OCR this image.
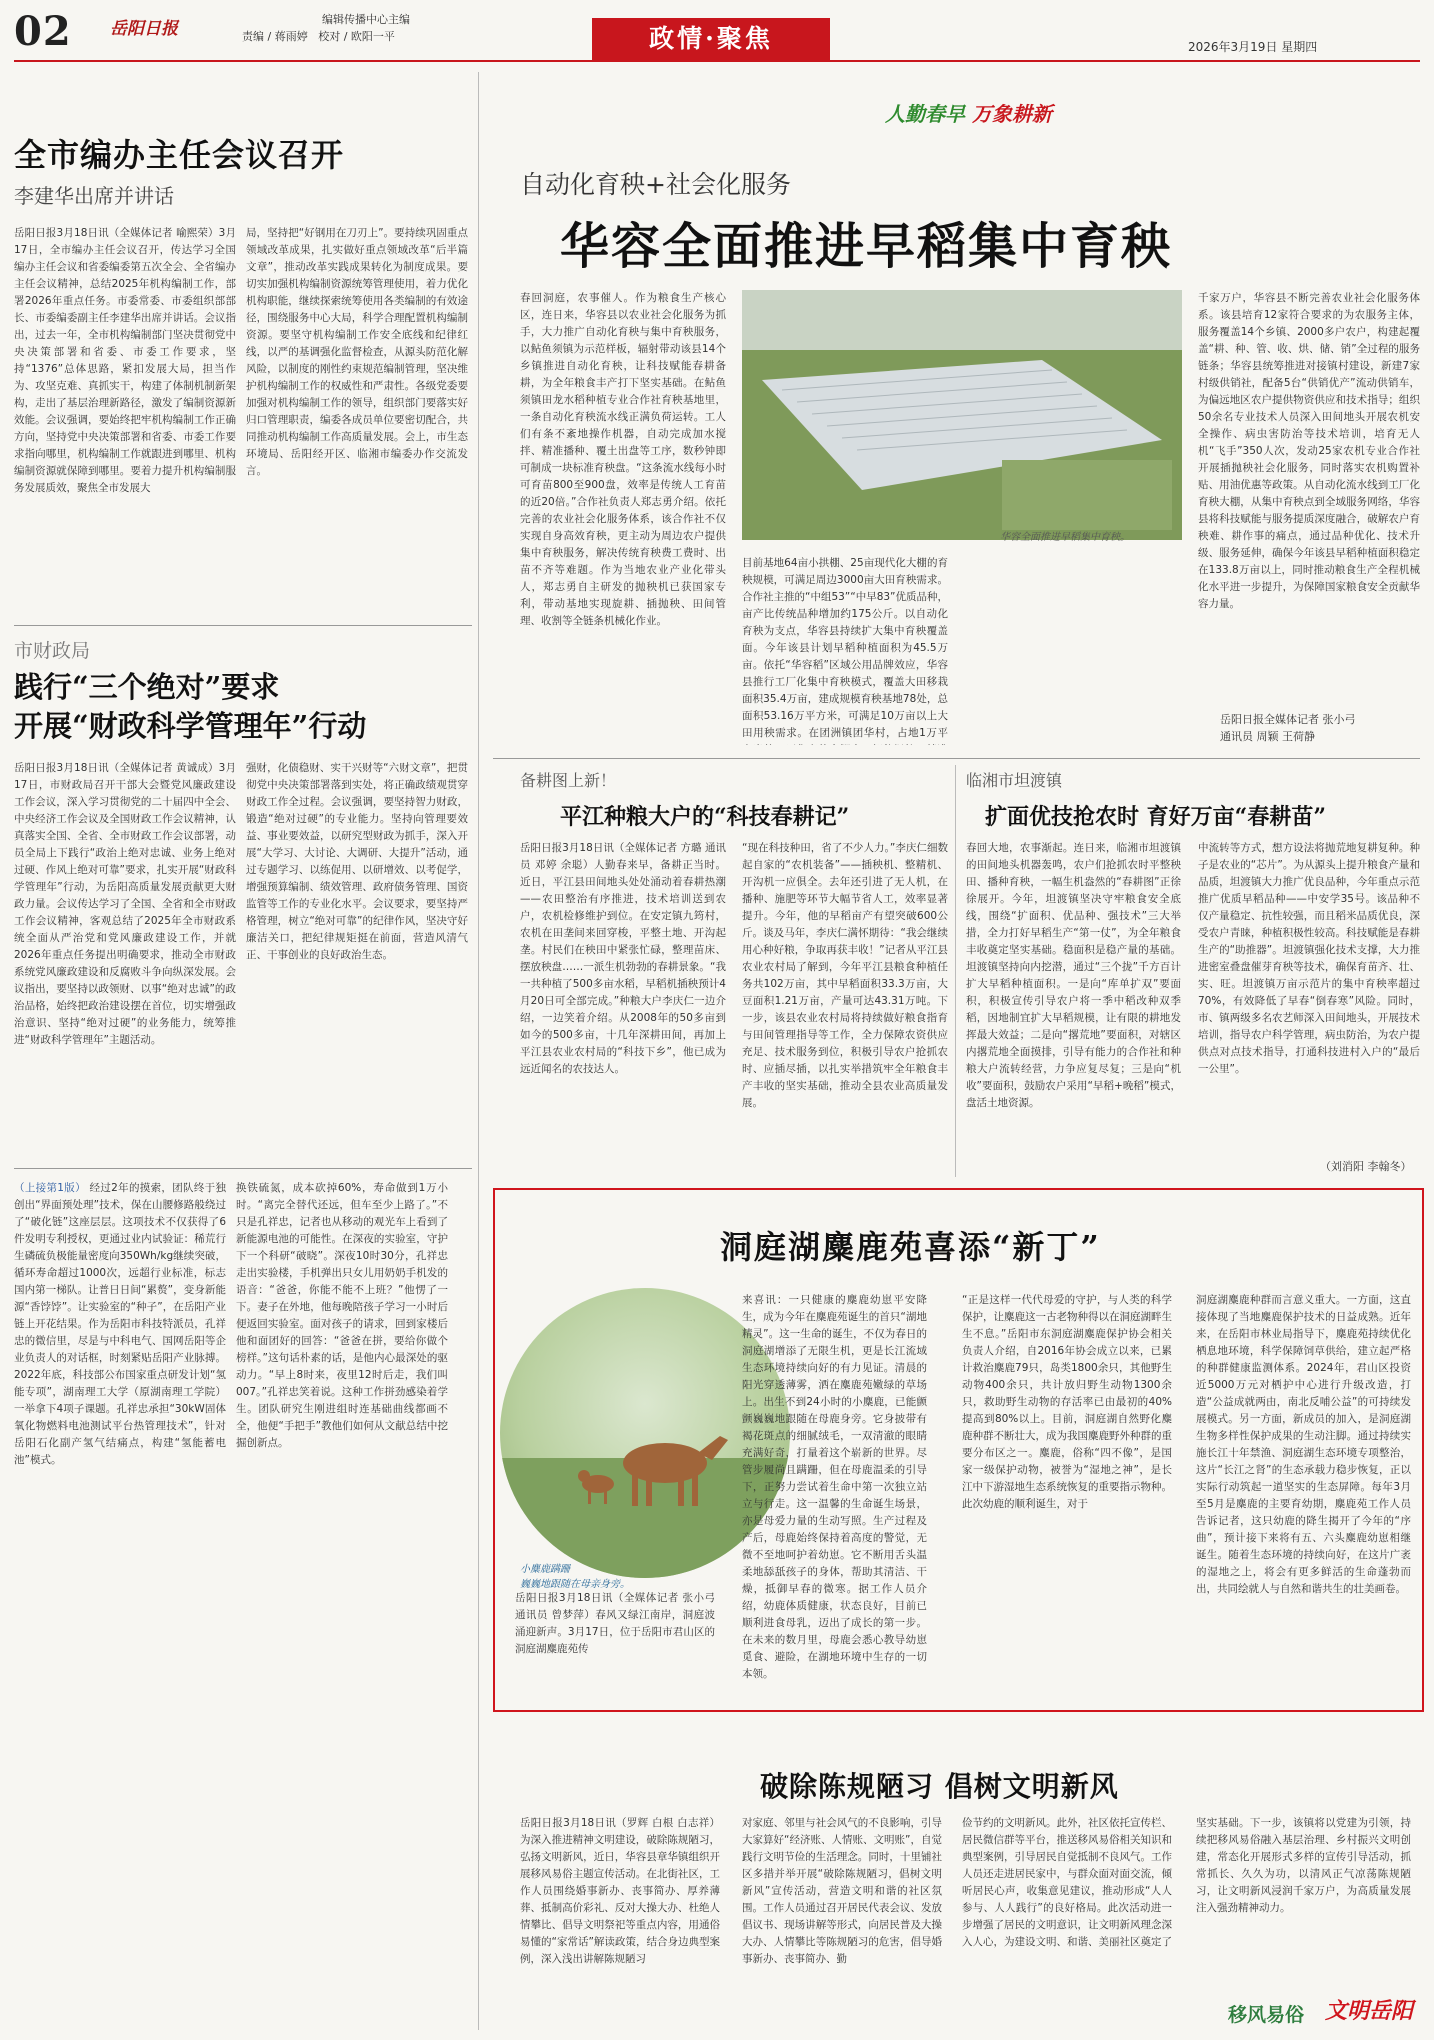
02 岳阳日报	编辑传播中心主编
责编 / 蒋雨婷 校对 / 欧阳一平	政情·聚焦	2026年3月19日 星期四
全市编办主任会议召开
李建华出席并讲话
岳阳日报3月18日讯（全媒体记者 喻熙荣）3月17日，全市编办主任会议召开，传达学习全国编办主任会议和省委编委第五次全会、全省编办主任会议精神，总结2025年机构编制工作，部署2026年重点任务。市委常委、市委组织部部长、市委编委副主任李建华出席并讲话。会议指出，过去一年，全市机构编制部门坚决贯彻党中央决策部署和省委、市委工作要求，坚持“1376”总体思路，紧扣发展大局，担当作为、攻坚克难、真抓实干，构建了体制机制新架构，走出了基层治理新路径，激发了编制资源新效能。会议强调，要始终把牢机构编制工作正确方向，坚持党中央决策部署和省委、市委工作要求指向哪里，机构编制工作就跟进到哪里、机构编制资源就保障到哪里。要着力提升机构编制服务发展质效，聚焦全市发展大
局，坚持把“好钢用在刀刃上”。要持续巩固重点领域改革成果，扎实做好重点领域改革“后半篇文章”，推动改革实践成果转化为制度成果。要切实加强机构编制资源统筹管理使用，着力优化机构职能，继续探索统筹使用各类编制的有效途径，围绕服务中心大局，科学合理配置机构编制资源。要坚守机构编制工作安全底线和纪律红线，以严的基调强化监督检查，从源头防范化解风险，以制度的刚性约束规范编制管理，坚决维护机构编制工作的权威性和严肃性。各级党委要加强对机构编制工作的领导，组织部门要落实好归口管理职责，编委各成员单位要密切配合，共同推动机构编制工作高质量发展。会上，市生态环境局、岳阳经开区、临湘市编委办作交流发言。
市财政局
践行“三个绝对”要求
开展“财政科学管理年”行动
岳阳日报3月18日讯（全媒体记者 黄诚成）3月17日，市财政局召开干部大会暨党风廉政建设工作会议，深入学习贯彻党的二十届四中全会、中央经济工作会议及全国财政工作会议精神，认真落实全国、全省、全市财政工作会议部署，动员全局上下践行“政治上绝对忠诚、业务上绝对过硬、作风上绝对可靠”要求，扎实开展“财政科学管理年”行动，为岳阳高质量发展贡献更大财政力量。会议传达学习了全国、全省和全市财政工作会议精神，客观总结了2025年全市财政系统全面从严治党和党风廉政建设工作，并就2026年重点任务提出明确要求，推动全市财政系统党风廉政建设和反腐败斗争向纵深发展。会议指出，要坚持以政领财、以事“绝对忠诚”的政治品格，始终把政治建设摆在首位，切实增强政治意识、坚持“绝对过硬”的业务能力，统筹推进“财政科学管理年”主题活动。
强财，化债稳财、实干兴财等“六财文章”，把贯彻党中央决策部署落到实处，将正确政绩观贯穿财政工作全过程。会议强调，要坚持智力财政，锻造“绝对过硬”的专业能力。坚持向管理要效益、事业要效益，以研究型财政为抓手，深入开展“大学习、大讨论、大调研、大提升”活动，通过专题学习、以练促用、以研增效、以考促学，增强预算编制、绩效管理、政府债务管理、国资监管等工作的专业化水平。会议要求，要坚持严格管理，树立“绝对可靠”的纪律作风，坚决守好廉洁关口，把纪律规矩挺在前面，营造风清气正、干事创业的良好政治生态。
（上接第1版） 经过2年的摸索，团队终于独创出“界面预处理”技术，保在山腰修路般绕过了“破化链”这座层层。这项技术不仅获得了6件发明专利授权，更通过业内试验证：稀荒行生磷硫负极能量密度向350Wh/kg继续突破，循环寿命超过1000次，远超行业标准，标志国内第一梯队。让普日日间“累赘”，变身新能源“香饽饽”。让实验室的“种子”，在岳阳产业链上开花结果。作为岳阳市科技特派员，孔祥忠的微信里，尽是与中科电气、国网岳阳等企业负责人的对话框，时刻紧贴岳阳产业脉搏。2022年底，科技部公布国家重点研发计划“氢能专项”，湖南理工大学（原湖南理工学院）一举拿下4项子课题。孔祥忠承担“30kW固体氧化物燃料电池测试平台热管理技术”，针对岳阳石化副产氢气结痛点，构建“氢能蓄电池”模式。
换铁硫氮，成本砍掉60%，寿命做到1万小时。“离完全替代还远，但车至少上路了。”不只是孔祥忠，记者也从移动的观光车上看到了新能源电池的可能性。在深夜的实验室，守护下一个科研“破晓”。深夜10时30分，孔祥忠走出实验楼，手机弹出只女儿用奶奶手机发的语音：“爸爸，你能不能不上班？”他愣了一下。妻子在外地，他每晚陪孩子学习一小时后便返回实验室。面对孩子的请求，回到家楼后他和面团好的回答：“爸爸在拼，要给你做个榜样。”这句话朴素的话，是他内心最深处的驱动力。“早上8时来，夜里12时后走，我们叫007。”孔祥忠笑着说。这种工作拼劲感染着学生。团队研究生刚进组时连基础曲线都画不全，他便“手把手”教他们如何从文献总结中挖掘创新点。
人勤春早 万象耕新
自动化育秧+社会化服务
华容全面推进早稻集中育秧
春回洞庭，农事催人。作为粮食生产核心区，连日来，华容县以农业社会化服务为抓手，大力推广自动化育秧与集中育秧服务，以鲇鱼须镇为示范样板，辐射带动该县14个乡镇推进自动化育秧，让科技赋能春耕备耕，为全年粮食丰产打下坚实基础。在鲇鱼须镇田龙水稻种植专业合作社育秧基地里，一条自动化育秧流水线正满负荷运转。工人们有条不紊地操作机器，自动完成加水搅拌、精准播种、覆土出盘等工序，数秒钟即可制成一块标准育秧盘。“这条流水线每小时可育苗800至900盘，效率是传统人工育苗的近20倍。”合作社负责人郑志勇介绍。依托完善的农业社会化服务体系，该合作社不仅实现自身高效育秧，更主动为周边农户提供集中育秧服务，解决传统育秧费工费时、出苗不齐等难题。作为当地农业产业化带头人，郑志勇自主研发的抛秧机已获国家专利，带动基地实现旋耕、插抛秧、田间管理、收割等全链条机械化作业。
华容全面推进早稻集中育秧。
目前基地64亩小拱棚、25亩现代化大棚的育秧规模，可满足周边3000亩大田育秧需求。合作社主推的“中组53”“中早83”优质品种，亩产比传统品种增加约175公斤。以自动化育秧为支点，华容县持续扩大集中育秧覆盖面。今年该县计划早稻种植面积为45.5万亩。依托“华容稻”区域公用品牌效应，华容县推行工厂化集中育秧模式，覆盖大田移栽面积35.4万亩，建成规模育秧基地78处，总面积53.16万平方米，可满足10万亩以上大田用秧需求。在团洲镇团华村，占地1万平
千家万户，华容县不断完善农业社会化服务体系。该县培育12家符合要求的为农服务主体，服务覆盖14个乡镇、2000多户农户，构建起覆盖“耕、种、管、收、烘、储、销”全过程的服务链条；华容县统筹推进对接镇村建设，新建7家村级供销社，配备5台“供销优产”流动供销车，为偏远地区农户提供物资供应和技术指导；组织50余名专业技术人员深入田间地头开展农机安全操作、病虫害防治等技术培训，培育无人机“飞手”350人次，发动25家农机专业合作社开展插抛秧社会化服务，同时落实农机购置补贴、用油优惠等政策。从自动化流水线到工厂化育秧大棚，从集中育秧点到全域服务网络，华容县将科技赋能与服务提质深度融合，破解农户育秧难、耕作事的痛点，通过品种优化、技术升级、服务延伸，确保今年该县早稻种植面积稳定在133.8万亩以上，同时推动粮食生产全程机械化水平进一步提升，为保障国家粮食安全贡献华容力量。
岳阳日报全媒体记者 张小弓
通讯员 周颖 王荷静
备耕图上新！
平江种粮大户的“科技春耕记”
岳阳日报3月18日讯（全媒体记者 方璐 通讯员 邓婷 余聪）人勤春来早，备耕正当时。近日，平江县田间地头处处涌动着春耕热潮——农田整治有序推进，技术培训送到农户，农机检修维护到位。在安定镇九筠村，农机在田垄间来回穿梭，平整土地、开沟起垄。村民们在秧田中紧张忙碌，整理苗床、摆放秧盘……一派生机勃勃的春耕景象。“我一共种植了500多亩水稻，早稻机插秧预计4月20日可全部完成。”种粮大户李庆仁一边介绍，一边笑着介绍。从2008年的50多亩到如今的500多亩，十几年深耕田间，再加上平江县农业农村局的“科技下乡”，他已成为远近闻名的农技达人。
“现在科技种田，省了不少人力。”李庆仁细数起自家的“农机装备”——插秧机、整精机、开沟机一应俱全。去年还引进了无人机，在播种、施肥等环节大幅节省人工，效率显著提升。今年，他的早稻亩产有望突破600公斤。谈及马年，李庆仁满怀期待：“我会继续用心种好粮，争取再获丰收！”记者从平江县农业农村局了解到，今年平江县粮食种植任务共102万亩，其中早稻面积33.3万亩，大豆面积1.21万亩，产量可达43.31万吨。下一步，该县农业农村局将持续做好粮食指育与田间管理指导等工作，全力保障农资供应充足、技术服务到位，积极引导农户抢抓农时、应插尽插，以扎实举措筑牢全年粮食丰产丰收的坚实基础，推动全县农业高质量发展。
临湘市坦渡镇
扩面优技抢农时 育好万亩“春耕苗”
春回大地，农事渐起。连日来，临湘市坦渡镇的田间地头机器轰鸣，农户们抢抓农时平整秧田、播种育秧，一幅生机盎然的“春耕图”正徐徐展开。今年，坦渡镇坚决守牢粮食安全底线，围绕“扩面积、优品种、强技术”三大举措，全力打好早稻生产“第一仗”，为全年粮食丰收奠定坚实基础。稳面积是稳产量的基础。坦渡镇坚持向内挖潜，通过“三个拢”千方百计扩大早稻种植面积。一是向“库单扩双”要面积，积极宣传引导农户将一季中稻改种双季稻，因地制宜扩大早稻规模，让有限的耕地发挥最大效益；二是向“撂荒地”要面积，对辖区内撂荒地全面摸排，引导有能力的合作社和种粮大户流转经营，力争应复尽复；三是向“机收”要面积，鼓励农户采用“早稻+晚稻”模式，盘活土地资源。
中流转等方式，想方设法将抛荒地复耕复种。种子是农业的“芯片”。为从源头上提升粮食产量和品质，坦渡镇大力推广优良品种，今年重点示范推广优质早稻品种——中安学35号。该品种不仅产量稳定、抗性较强，而且稻米品质优良，深受农户青睐，种植积极性较高。科技赋能是春耕生产的“助推器”。坦渡镇强化技术支撑，大力推进密室叠盘催芽育秧等技术，确保育苗齐、壮、实、旺。坦渡镇万亩示范片的集中育秧率超过70%，有效降低了早春“倒春寒”风险。同时，市、镇两级多名农艺师深入田间地头，开展技术培训，指导农户科学管理，病虫防治，为农户提供点对点技术指导，打通科技进村入户的“最后一公里”。
（刘消阳 李翰冬）
洞庭湖麋鹿苑喜添“新丁”
小麋鹿蹒跚
巍巍地跟随在母亲身旁。
岳阳日报3月18日讯（全媒体记者 张小弓 通讯员 曾梦萍）春风又绿江南岸，洞庭波涌迎新声。3月17日，位于岳阳市君山区的洞庭湖麋鹿苑传
来喜讯：一只健康的麋鹿幼崽平安降生，成为今年在麋鹿苑诞生的首只“湖地精灵”。这一生命的诞生，不仅为春日的洞庭湖增添了无限生机，更是长江流域生态环境持续向好的有力见证。清晨的阳光穿透薄雾，洒在麋鹿苑嫩绿的草场上。出生不到24小时的小麋鹿，已能颤颤巍巍地跟随在母鹿身旁。它身披带有褐花斑点的细腻绒毛，一双清澈的眼睛充满好奇，打量着这个崭新的世界。尽管步履尚且蹒跚，但在母鹿温柔的引导下，正努力尝试着生命中第一次独立站立与行走。这一温馨的生命诞生场景，亦是母爱力量的生动写照。生产过程及产后，母鹿始终保持着高度的警觉，无微不至地呵护着幼崽。它不断用舌头温柔地舔舐孩子的身体，帮助其清洁、干燥，抵御早春的微寒。据工作人员介绍，幼鹿体质健康，状态良好，目前已顺利进食母乳，迈出了成长的第一步。在未来的数月里，母鹿会悉心教导幼崽觅食、避险，在湖地环境中生存的一切本领。
“正是这样一代代母爱的守护，与人类的科学保护，让麋鹿这一古老物种得以在洞庭湖畔生生不息。”岳阳市东洞庭湖麋鹿保护协会相关负责人介绍，自2016年协会成立以来，已累计救治麋鹿79只，岛类1800余只，其他野生动物400余只，共计放归野生动物1300余只，救助野生动物的存活率已由最初的40%提高到80%以上。目前，洞庭湖自然野化麋鹿种群不断壮大，成为我国麋鹿野外种群的重要分布区之一。麋鹿，俗称“四不像”，是国家一级保护动物，被誉为“湿地之神”，是长江中下游湿地生态系统恢复的重要指示物种。此次幼鹿的顺利诞生，对于
洞庭湖麋鹿种群而言意义重大。一方面，这直接体现了当地麋鹿保护技术的日益成熟。近年来，在岳阳市林业局指导下，麋鹿苑持续优化栖息地环境，科学保障饲草供给，建立起严格的种群健康监测体系。2024年，君山区投资近5000万元对栖护中心进行升级改造，打造“公益成就两由，南北反哺公益”的可持续发展模式。另一方面，新成员的加入，是洞庭湖生物多样性保护成果的生动注脚。通过持续实施长江十年禁渔、洞庭湖生态环境专项整治，这片“长江之肾”的生态承载力稳步恢复，正以实际行动筑起一道坚实的生态屏障。每年3月至5月是麋鹿的主要育幼期，麋鹿苑工作人员告诉记者，这只幼鹿的降生揭开了今年的“序曲”，预计接下来将有五、六头麋鹿幼崽相继诞生。随着生态环境的持续向好，在这片广袤的湿地之上，将会有更多鲜活的生命蓬勃而出，共同绘就人与自然和谐共生的壮美画卷。
破除陈规陋习 倡树文明新风
岳阳日报3月18日讯（罗辉 白根 白志祥）为深入推进精神文明建设，破除陈规陋习，弘扬文明新风，近日，华容县章华镇组织开展移风易俗主题宣传活动。在北街社区，工作人员围绕婚事新办、丧事简办、厚养薄葬、抵制高价彩礼、反对大操大办、杜绝人情攀比、倡导文明祭祀等重点内容，用通俗易懂的“家常话”解读政策，结合身边典型案例，深入浅出讲解陈规陋习
对家庭、邻里与社会风气的不良影响，引导大家算好“经济账、人情账、文明账”，自觉践行文明节俭的生活理念。同时，十里铺社区多措并举开展“破除陈规陋习，倡树文明新风”宣传活动，营造文明和谐的社区氛围。工作人员通过召开居民代表会议、发放倡议书、现场讲解等形式，向居民普及大操大办、人情攀比等陈规陋习的危害，倡导婚事新办、丧事简办、勤
俭节约的文明新风。此外，社区依托宣传栏、居民微信群等平台，推送移风易俗相关知识和典型案例，引导居民自觉抵制不良风气。工作人员还走进居民家中，与群众面对面交流，倾听居民心声，收集意见建议，推动形成“人人参与、人人践行”的良好格局。此次活动进一步增强了居民的文明意识，让文明新风理念深入人心，为建设文明、和谐、美丽社区奠定了
坚实基础。下一步，该镇将以党建为引领，持续把移风易俗融入基层治理、乡村振兴文明创建，常态化开展形式多样的宣传引导活动，抓常抓长、久久为功，以清风正气凉荡陈规陋习，让文明新风浸润千家万户，为高质量发展注入强劲精神动力。
移风易俗 文明岳阳
